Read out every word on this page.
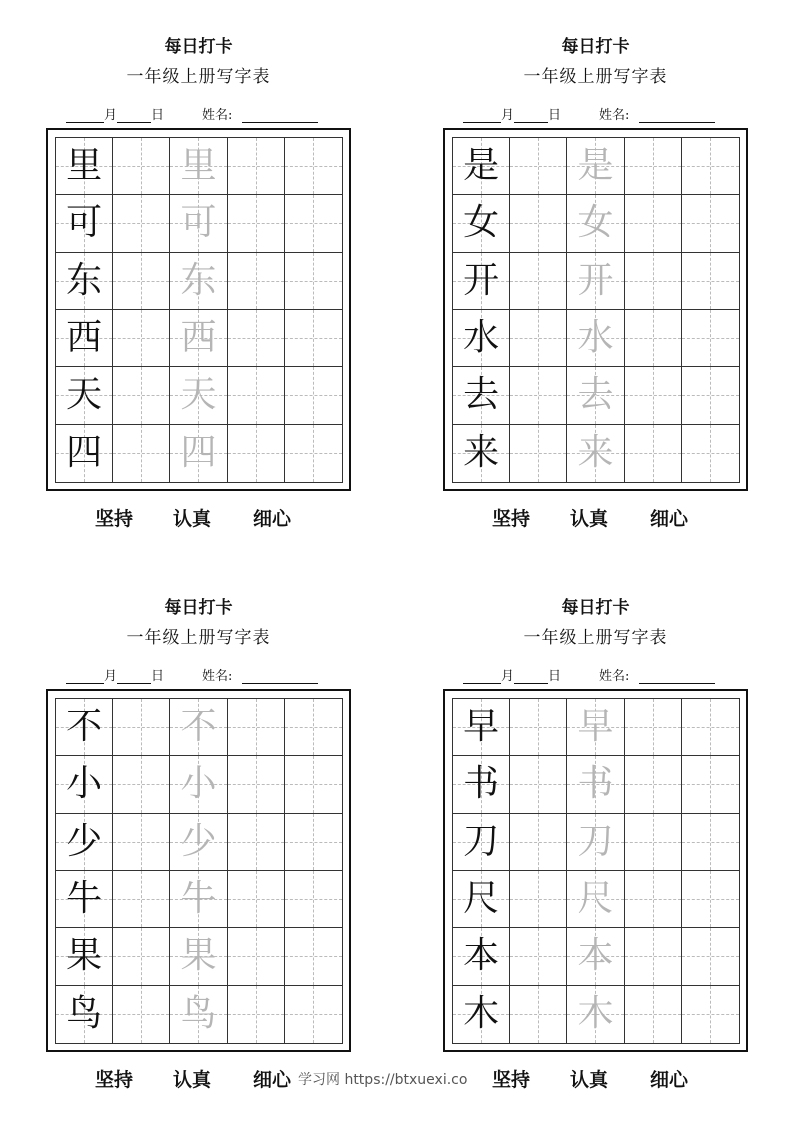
每日打卡
一年级上册写字表
月	日	姓名:
早 早
书 书
刀 刀
尺 尺
本 本
木 木
坚持 认真 细心
每日打卡
一年级上册写字表
月	日	姓名:
不 不
小 小
少 少
牛 牛
果 果
鸟 鸟
坚持 认真 细心
每日打卡
一年级上册写字表
月	日	姓名:
是 是
女 女
开 开
水 水
去 去
来 来
坚持 认真 细心
每日打卡
一年级上册写字表
月	日	姓名:
里 里
可 可
东 东
西 西
天 天
四 四
坚持 认真 细心
学习网 https://btxuexi.co
